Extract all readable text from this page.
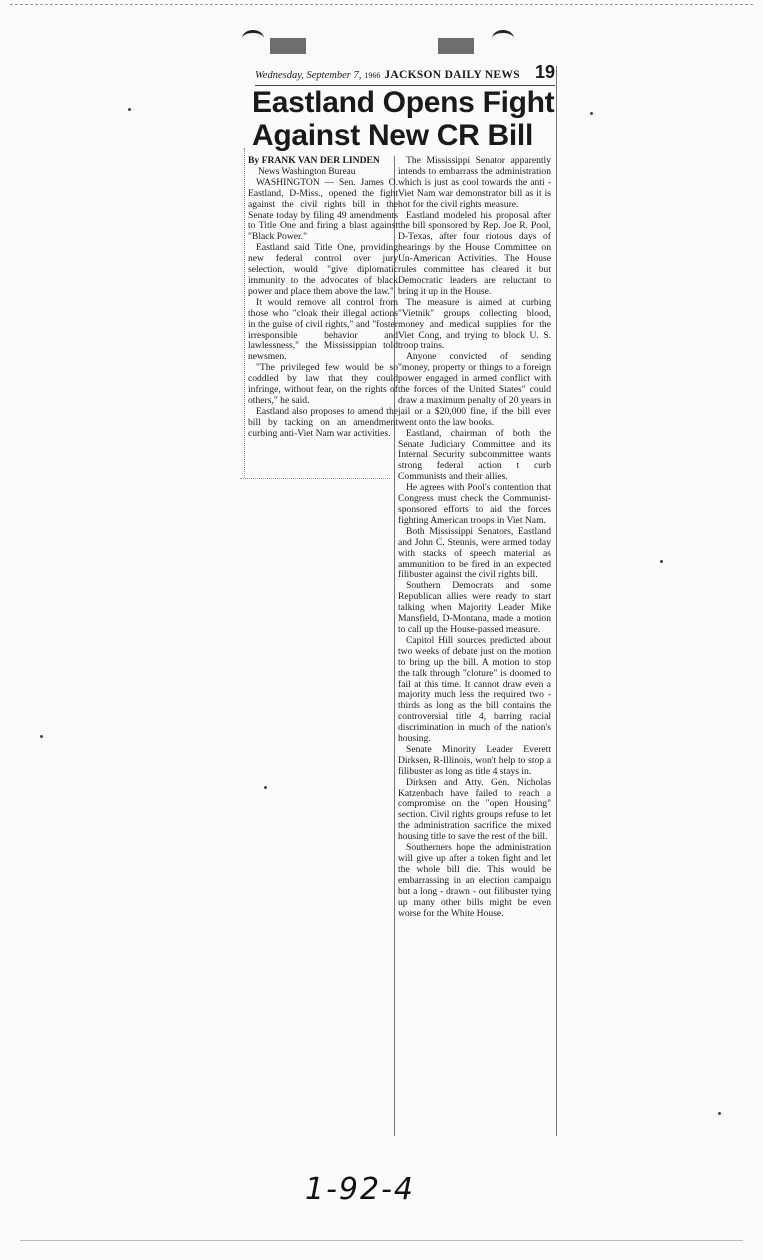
Wednesday, September 7, 1966 JACKSON DAILY NEWS 19
Eastland Opens Fight
Against New CR Bill
By FRANK VAN DER LINDEN
News Washington Bureau

WASHINGTON — Sen. James O. Eastland, D-Miss., opened the fight against the civil rights bill in the Senate today by filing 49 amendments to Title One and firing a blast against "Black Power."

Eastland said Title One, providing new federal control over jury selection, would "give diplomatic immunity to the advocates of black power and place them above the law."

It would remove all control from those who "cloak their illegal actions in the guise of civil rights," and "foster irresponsible behavior and lawlessness," the Mississippian told newsmen.

"The privileged few would be so coddled by law that they could infringe, without fear, on the rights of others," he said.

Eastland also proposes to amend the bill by tacking on an amendment curbing anti-Viet Nam war activities.

The Mississippi Senator apparently intends to embarrass the administration which is just as cool towards the anti - Viet Nam war demonstrator bill as it is hot for the civil rights measure.

Eastland modeled his proposal after the bill sponsored by Rep. Joe R. Pool, D-Texas, after four riotous days of hearings by the House Committee on Un-American Activities. The House rules committee has cleared it but Democratic leaders are reluctant to bring it up in the House.

The measure is aimed at curbing "Vietnik" groups collecting blood, money and medical supplies for the Viet Cong, and trying to block U. S. troop trains.

Anyone convicted of sending "money, property or things to a foreign power engaged in armed conflict with the forces of the United States" could draw a maximum penalty of 20 years in jail or a $20,000 fine, if the bill ever went onto the law books.

Eastland, chairman of both the Senate Judiciary Committee and its Internal Security subcommittee wants strong federal action t curb Communists and their allies.

He agrees with Pool's contention that Congress must check the Communist-sponsored efforts to aid the forces fighting American troops in Viet Nam.

Both Mississippi Senators, Eastland and John C. Stennis, were armed today with stacks of speech material as ammunition to be fired in an expected filibuster against the civil rights bill.

Southern Democrats and some Republican allies were ready to start talking when Majority Leader Mike Mansfield, D-Montana, made a motion to call up the House-passed measure.

Capitol Hill sources predicted about two weeks of debate just on the motion to bring up the bill. A motion to stop the talk through "cloture" is doomed to fail at this time. It cannot draw even a majority much less the required two - thirds as long as the bill contains the controversial title 4, barring racial discrimination in much of the nation's housing.

Senate Minority Leader Everett Dirksen, R-Illinois, won't help to stop a filibuster as long as title 4 stays in.

Dirksen and Atty. Gen. Nicholas Katzenbach have failed to reach a compromise on the "open Housing" section. Civil rights groups refuse to let the administration sacrifice the mixed housing title to save the rest of the bill.

Southerners hope the administration will give up after a token fight and let the whole bill die. This would be embarrassing in an election campaign but a long - drawn - out filibuster tying up many other bills might be even worse for the White House.

1-92-4
